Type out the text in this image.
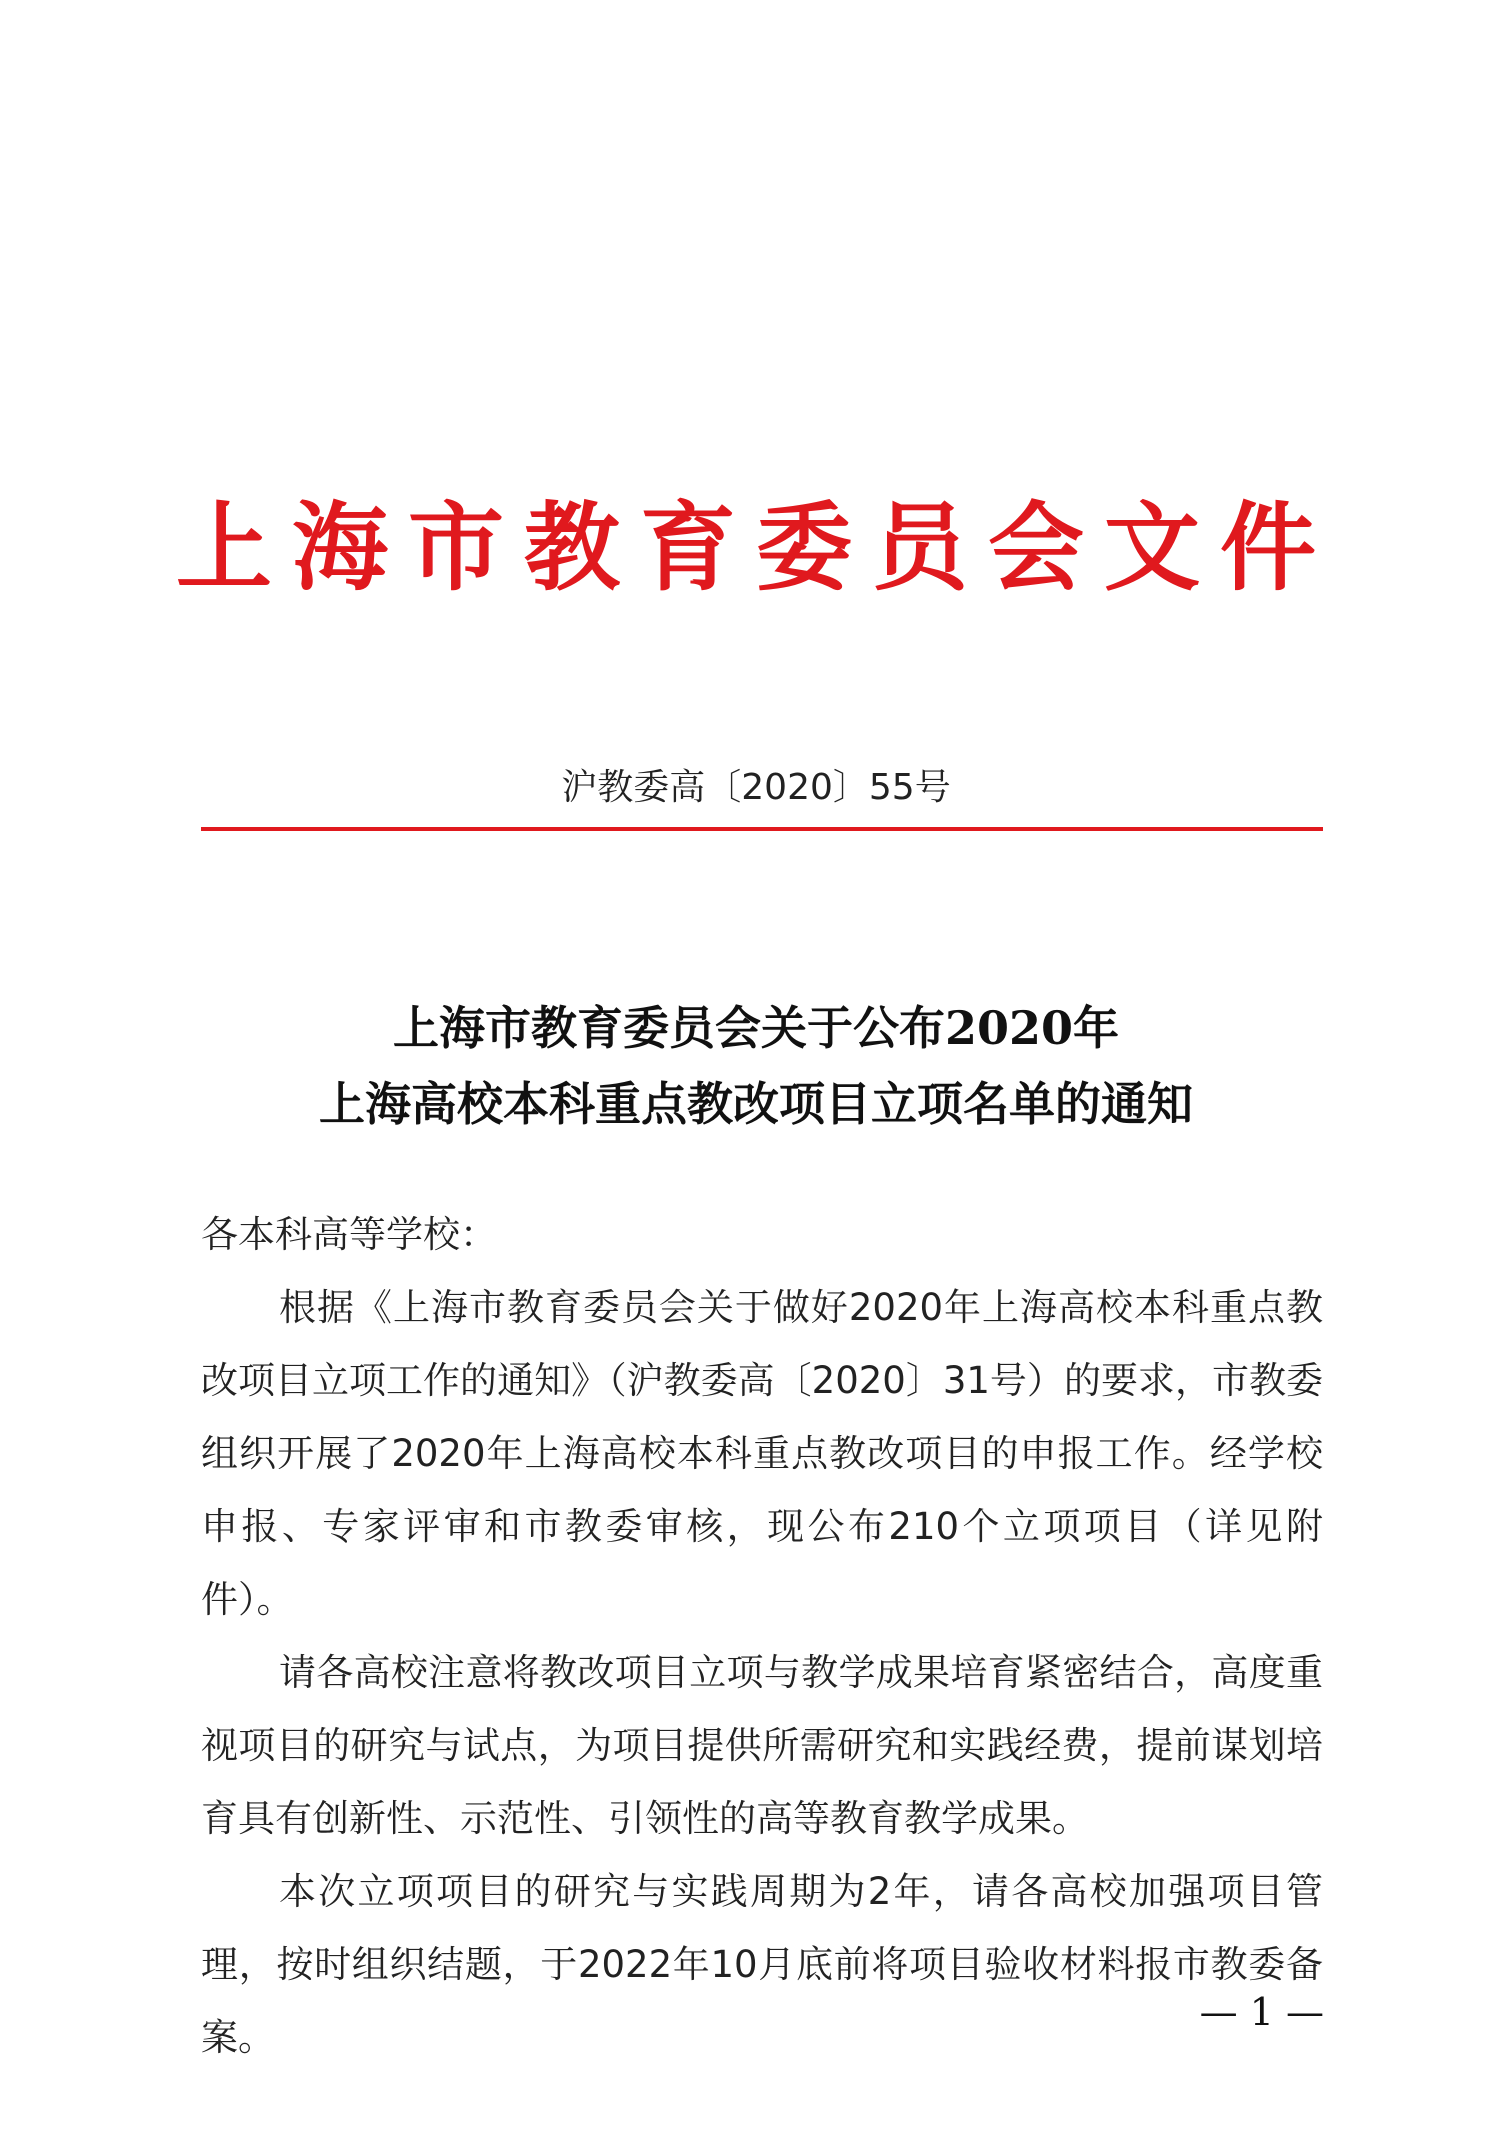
上海市教育委员会文件
沪教委高〔2020〕55号
上海市教育委员会关于公布2020年
上海高校本科重点教改项目立项名单的通知

各本科高等学校：

根据《上海市教育委员会关于做好2020年上海高校本科重点教改项目立项工作的通知》（沪教委高〔2020〕31号）的要求，市教委组织开展了2020年上海高校本科重点教改项目的申报工作。经学校申报、专家评审和市教委审核，现公布210个立项项目（详见附件）。

请各高校注意将教改项目立项与教学成果培育紧密结合，高度重视项目的研究与试点，为项目提供所需研究和实践经费，提前谋划培育具有创新性、示范性、引领性的高等教育教学成果。

本次立项项目的研究与实践周期为2年，请各高校加强项目管理，按时组织结题，于2022年10月底前将项目验收材料报市教委备案。

— 1 —
